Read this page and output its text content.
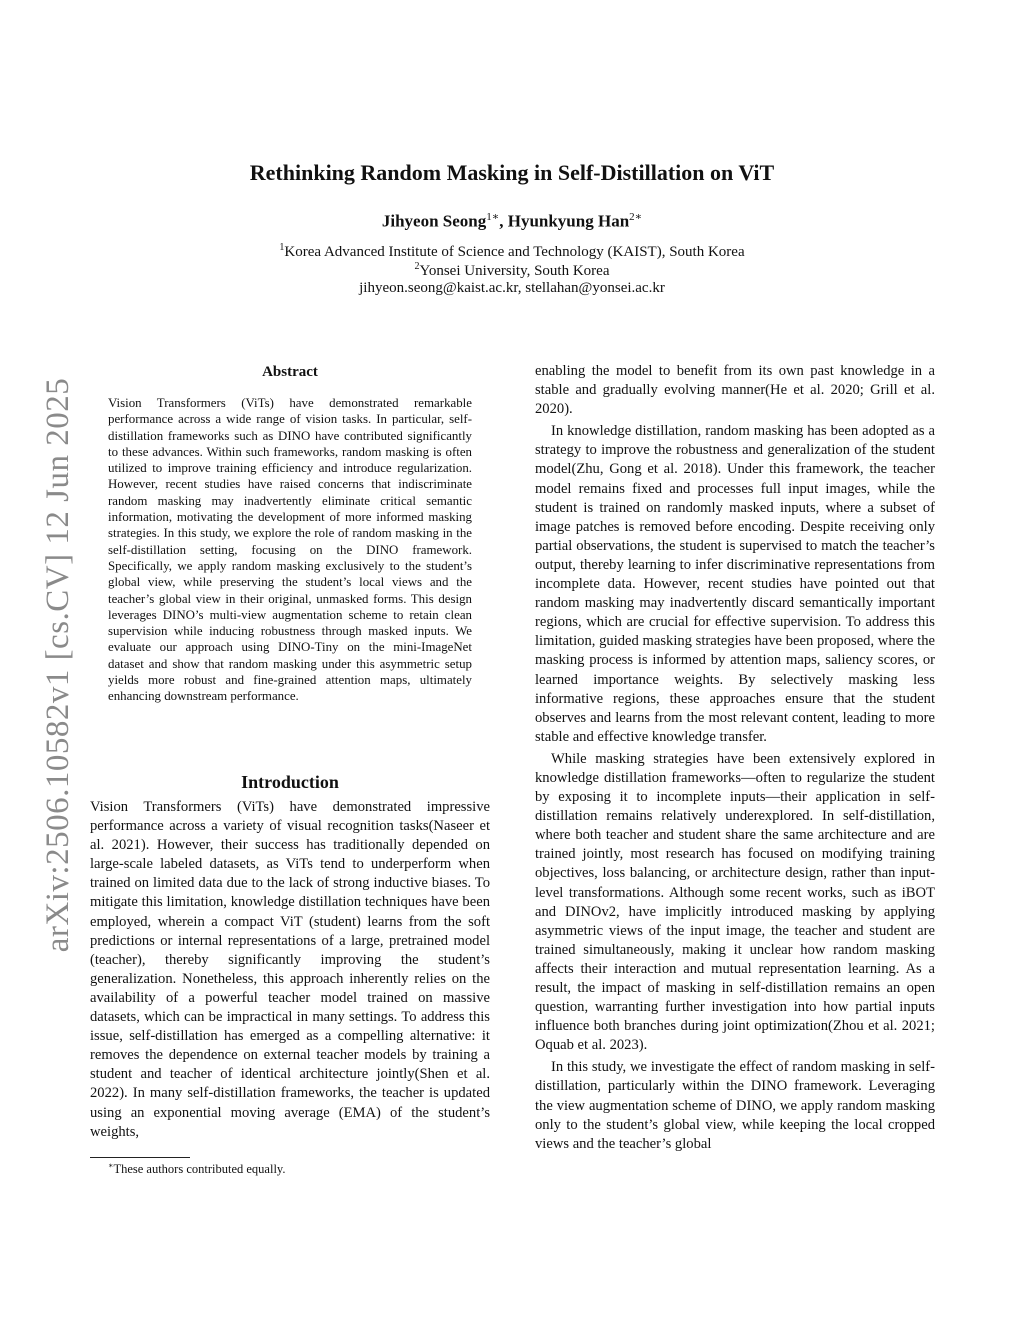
Rethinking Random Masking in Self-Distillation on ViT
Jihyeon Seong$^{1∗}$, Hyunkyung Han$^{2∗}$
$^1$Korea Advanced Institute of Science and Technology (KAIST), South Korea
$^2$Yonsei University, South Korea
jihyeon.seong@kaist.ac.kr, stellahan@yonsei.ac.kr
arXiv:2506.10582v1 [cs.CV] 12 Jun 2025
Abstract

Vision Transformers (ViTs) have demonstrated remarkable performance across a wide range of vision tasks. In particular, self-distillation frameworks such as DINO have contributed significantly to these advances. Within such frameworks, random masking is often utilized to improve training efficiency and introduce regularization. However, recent studies have raised concerns that indiscriminate random masking may inadvertently eliminate critical semantic information, motivating the development of more informed masking strategies. In this study, we explore the role of random masking in the self-distillation setting, focusing on the DINO framework. Specifically, we apply random masking exclusively to the student’s global view, while preserving the student’s local views and the teacher’s global view in their original, unmasked forms. This design leverages DINO’s multi-view augmentation scheme to retain clean supervision while inducing robustness through masked inputs. We evaluate our approach using DINO-Tiny on the mini-ImageNet dataset and show that random masking under this asymmetric setup yields more robust and fine-grained attention maps, ultimately enhancing downstream performance.

Introduction

Vision Transformers (ViTs) have demonstrated impressive performance across a variety of visual recognition tasks(Naseer et al. 2021). However, their success has traditionally depended on large-scale labeled datasets, as ViTs tend to underperform when trained on limited data due to the lack of strong inductive biases. To mitigate this limitation, knowledge distillation techniques have been employed, wherein a compact ViT (student) learns from the soft predictions or internal representations of a large, pretrained model (teacher), thereby significantly improving the student’s generalization. Nonetheless, this approach inherently relies on the availability of a powerful teacher model trained on massive datasets, which can be impractical in many settings. To address this issue, self-distillation has emerged as a compelling alternative: it removes the dependence on external teacher models by training a student and teacher of identical architecture jointly(Shen et al. 2022). In many self-distillation frameworks, the teacher is updated using an exponential moving average (EMA) of the student’s weights,

∗These authors contributed equally.

enabling the model to benefit from its own past knowledge in a stable and gradually evolving manner(He et al. 2020; Grill et al. 2020).

In knowledge distillation, random masking has been adopted as a strategy to improve the robustness and generalization of the student model(Zhu, Gong et al. 2018). Under this framework, the teacher model remains fixed and processes full input images, while the student is trained on randomly masked inputs, where a subset of image patches is removed before encoding. Despite receiving only partial observations, the student is supervised to match the teacher’s output, thereby learning to infer discriminative representations from incomplete data. However, recent studies have pointed out that random masking may inadvertently discard semantically important regions, which are crucial for effective supervision. To address this limitation, guided masking strategies have been proposed, where the masking process is informed by attention maps, saliency scores, or learned importance weights. By selectively masking less informative regions, these approaches ensure that the student observes and learns from the most relevant content, leading to more stable and effective knowledge transfer.

While masking strategies have been extensively explored in knowledge distillation frameworks—often to regularize the student by exposing it to incomplete inputs—their application in self-distillation remains relatively underexplored. In self-distillation, where both teacher and student share the same architecture and are trained jointly, most research has focused on modifying training objectives, loss balancing, or architecture design, rather than input-level transformations. Although some recent works, such as iBOT and DINOv2, have implicitly introduced masking by applying asymmetric views of the input image, the teacher and student are trained simultaneously, making it unclear how random masking affects their interaction and mutual representation learning. As a result, the impact of masking in self-distillation remains an open question, warranting further investigation into how partial inputs influence both branches during joint optimization(Zhou et al. 2021; Oquab et al. 2023).

In this study, we investigate the effect of random masking in self-distillation, particularly within the DINO framework. Leveraging the view augmentation scheme of DINO, we apply random masking only to the student’s global view, while keeping the local cropped views and the teacher’s global
